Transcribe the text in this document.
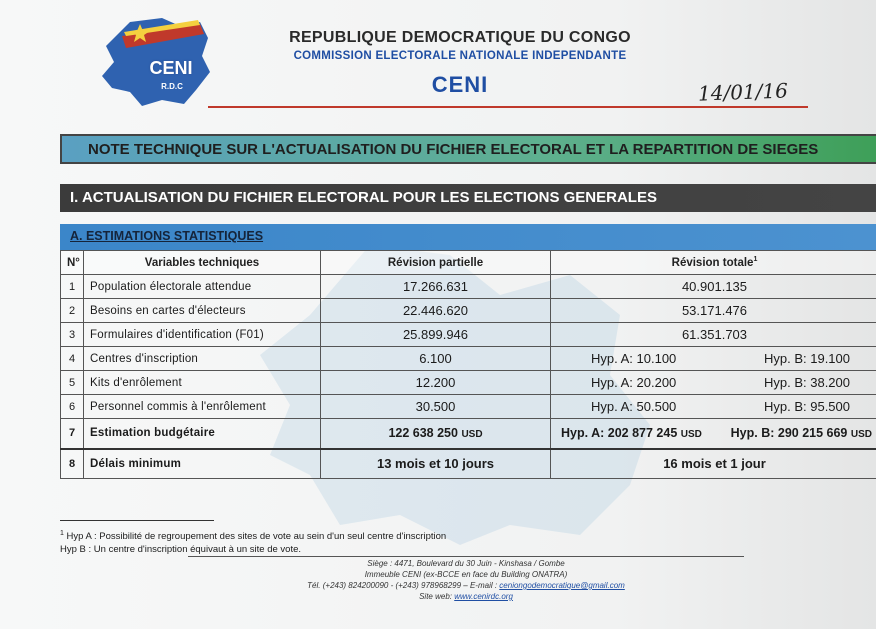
CENI
R.D.C
REPUBLIQUE DEMOCRATIQUE DU CONGO
COMMISSION ELECTORALE NATIONALE INDEPENDANTE
CENI	14/01/16
NOTE TECHNIQUE SUR L'ACTUALISATION DU FICHIER ELECTORAL ET LA REPARTITION DE SIEGES
I. ACTUALISATION DU FICHIER ELECTORAL POUR LES ELECTIONS GENERALES
A. ESTIMATIONS STATISTIQUES
N°	Variables techniques	Révision partielle	Révision totale$^1$
1	Population électorale attendue	17.266.631	40.901.135
2	Besoins en cartes d'électeurs	22.446.620	53.171.476
3	Formulaires d'identification (F01)	25.899.946	61.351.703
4	Centres d'inscription	6.100	Hyp. A: 10.100 Hyp. B: 19.100

5	Kits d'enrôlement	12.200	Hyp. A: 20.200 Hyp. B: 38.200

6	Personnel commis à l'enrôlement	30.500	Hyp. A: 50.500 Hyp. B: 95.500

7	Estimation budgétaire	122 638 250 USD	Hyp. A: 202 877 245 USD Hyp. B: 290 215 669 USD

8	Délais minimum	13 mois et 10 jours	16 mois et 1 jour
$^1$ Hyp A : Possibilité de regroupement des sites de vote au sein d'un seul centre d'inscription
Hyp B : Un centre d'inscription équivaut à un site de vote.
Siège : 4471, Boulevard du 30 Juin - Kinshasa / Gombe
Immeuble CENI (ex-BCCE en face du Building ONATRA)
Tél. (+243) 824200090 - (+243) 978968299 – E-mail : ceniongodemocratique@gmail.com
Site web: www.cenirdc.org
